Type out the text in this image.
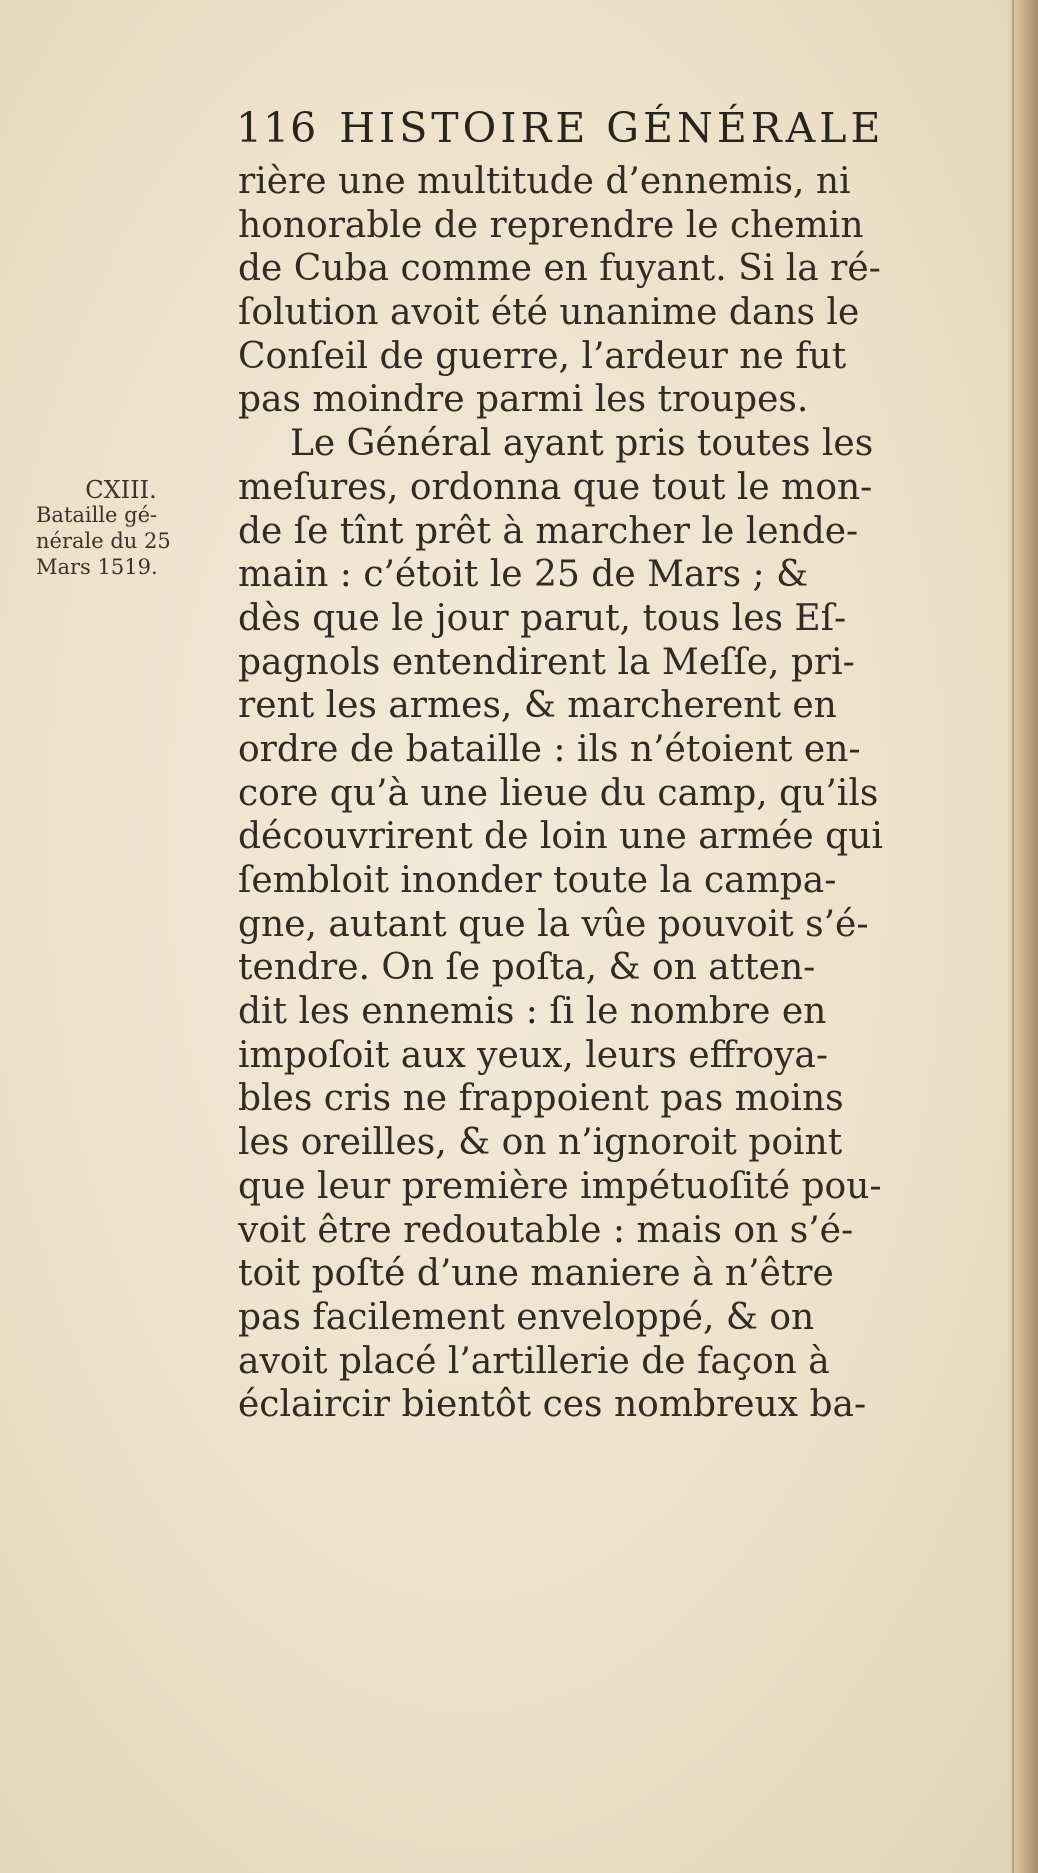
116 HISTOIRE GÉNÉRALE
CXIII.
Bataille gé-
nérale du 25
Mars 1519.
rière une multitude d’ennemis, ni
honorable de reprendre le chemin
de Cuba comme en fuyant. Si la ré-
ſolution avoit été unanime dans le
Conſeil de guerre, l’ardeur ne fut
pas moindre parmi les troupes.
Le Général ayant pris toutes les
meſures, ordonna que tout le mon-
de ſe tînt prêt à marcher le lende-
main : c’étoit le 25 de Mars ; &
dès que le jour parut, tous les Eſ-
pagnols entendirent la Meſſe, pri-
rent les armes, & marcherent en
ordre de bataille : ils n’étoient en-
core qu’à une lieue du camp, qu’ils
découvrirent de loin une armée qui
ſembloit inonder toute la campa-
gne, autant que la vûe pouvoit s’é-
tendre. On ſe poſta, & on atten-
dit les ennemis : ſi le nombre en
impoſoit aux yeux, leurs effroya-
bles cris ne frappoient pas moins
les oreilles, & on n’ignoroit point
que leur première impétuoſité pou-
voit être redoutable : mais on s’é-
toit poſté d’une maniere à n’être
pas facilement enveloppé, & on
avoit placé l’artillerie de façon à
éclaircir bientôt ces nombreux ba-
